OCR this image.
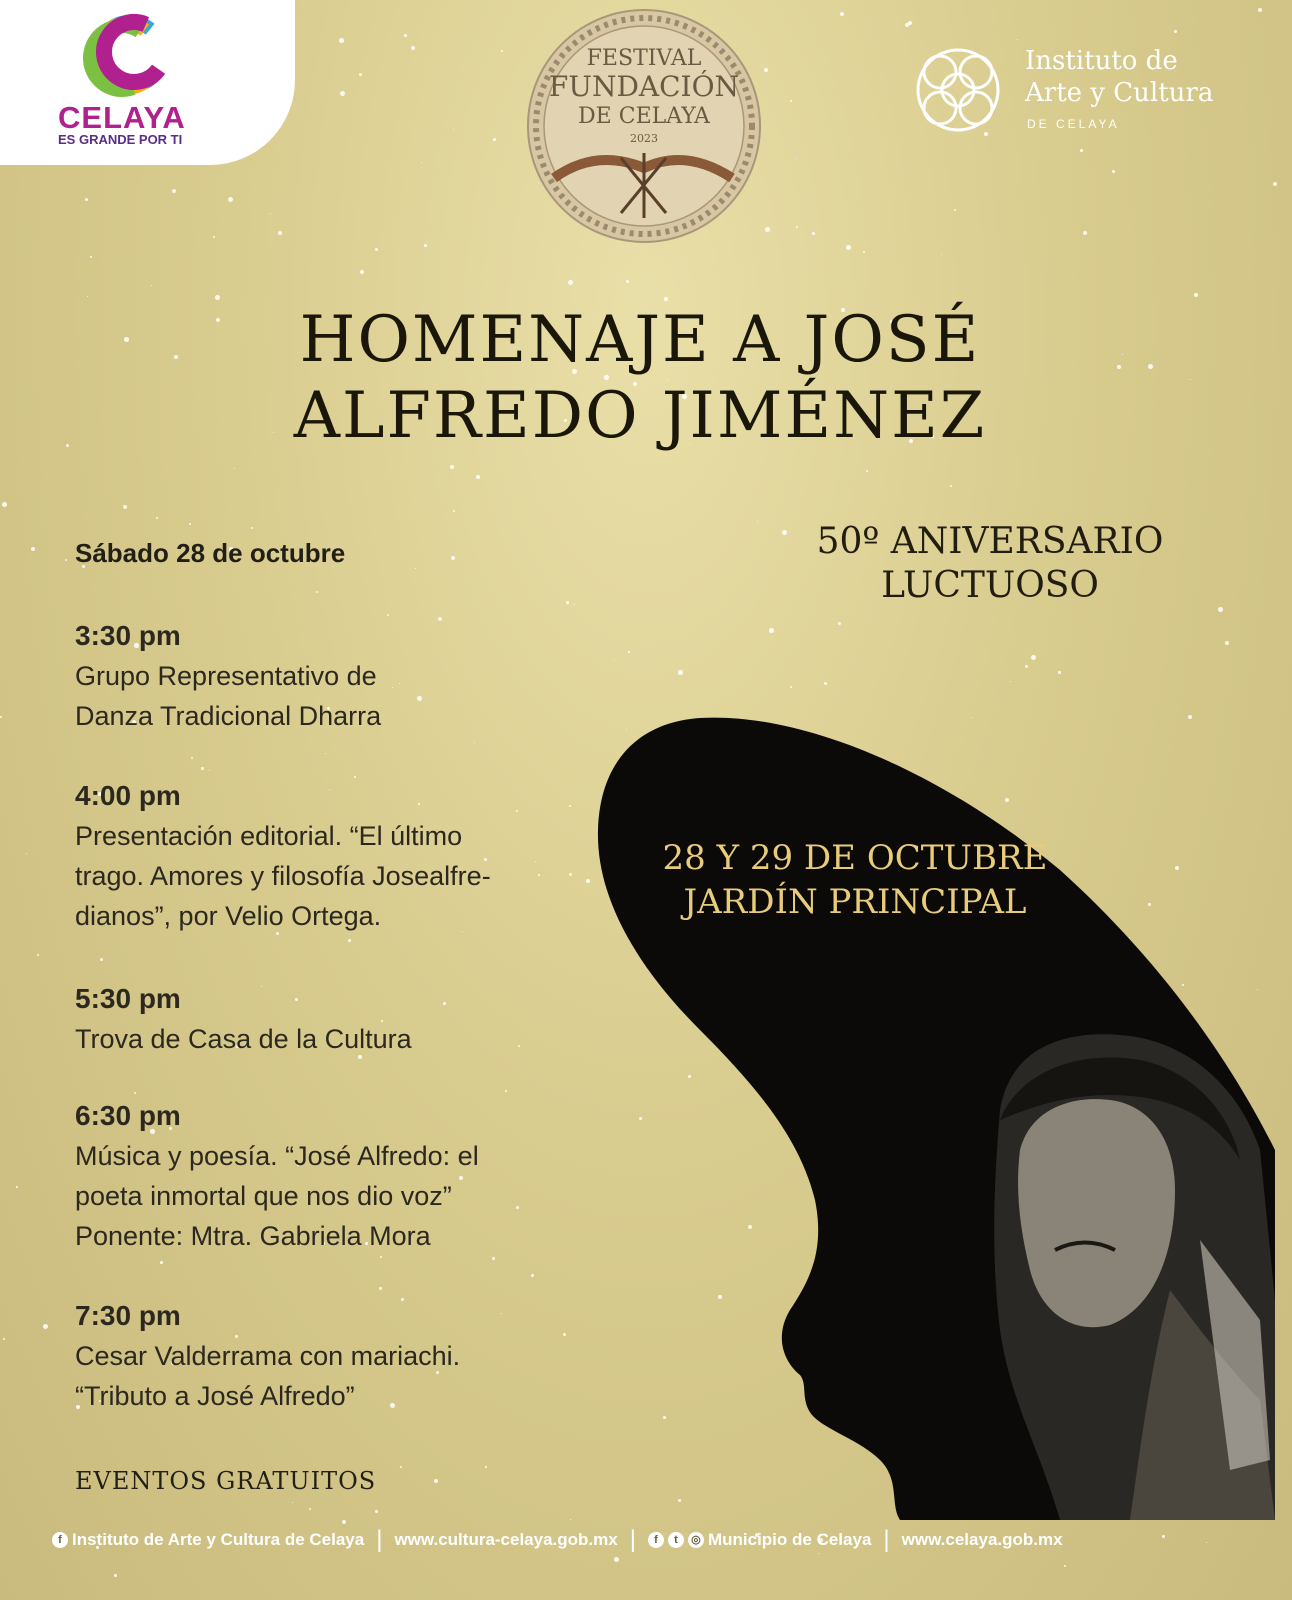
CELAYA
ES GRANDE POR TI
FESTIVAL
FUNDACIÓN
DE CELAYA
2023
Instituto de
Arte y Cultura
DE CELAYA
HOMENAJE A JOSÉ
ALFREDO JIMÉNEZ
50º ANIVERSARIO
LUCTUOSO
Sábado 28 de octubre
3:30 pm
Grupo Representativo de
Danza Tradicional Dharra
4:00 pm
Presentación editorial. “El último
trago. Amores y filosofía Josealfre-
dianos”, por Velio Ortega.
5:30 pm
Trova de Casa de la Cultura
6:30 pm
Música y poesía. “José Alfredo: el
poeta inmortal que nos dio voz”
Ponente: Mtra. Gabriela Mora
7:30 pm
Cesar Valderrama con mariachi.
“Tributo a José Alfredo”
28 Y 29 DE OCTUBRE
JARDÍN PRINCIPAL
EVENTOS GRATUITOS
f Instituto de Arte y Cultura de Celaya | www.cultura-celaya.gob.mx |	f	t	◎ Municipio de Celaya | www.celaya.gob.mx
